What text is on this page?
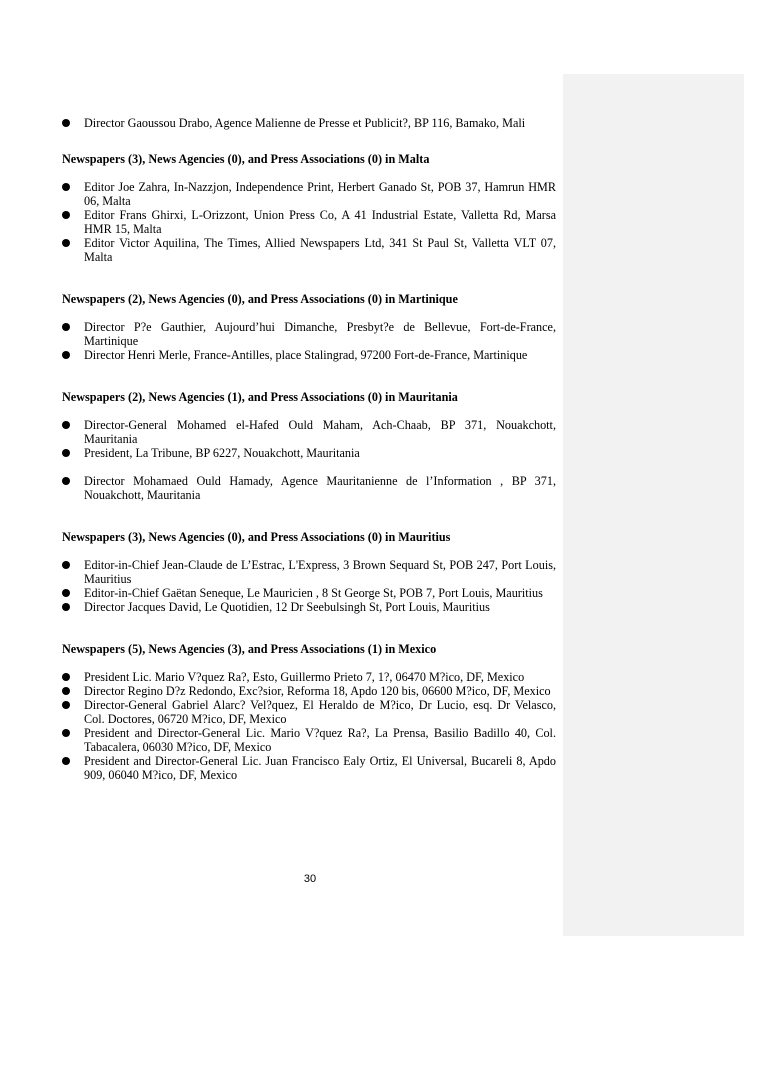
Director Gaoussou Drabo, Agence Malienne de Presse et Publicit?, BP 116, Bamako, Mali

Newspapers (3), News Agencies (0), and Press Associations (0) in Malta

Editor Joe Zahra, In-Nazzjon, Independence Print, Herbert Ganado St, POB 37, Hamrun HMR 06, Malta
Editor Frans Ghirxi, L-Orizzont, Union Press Co, A 41 Industrial Estate, Valletta Rd, Marsa HMR 15, Malta
Editor Victor Aquilina, The Times, Allied Newspapers Ltd, 341 St Paul St, Valletta VLT 07, Malta

Newspapers (2), News Agencies (0), and Press Associations (0) in Martinique

Director P?e Gauthier, Aujourd’hui Dimanche, Presbyt?e de Bellevue, Fort-de-France, Martinique
Director Henri Merle, France-Antilles, place Stalingrad, 97200 Fort-de-France, Martinique

Newspapers (2), News Agencies (1), and Press Associations (0) in Mauritania

Director-General Mohamed el-Hafed Ould Maham, Ach-Chaab, BP 371, Nouakchott, Mauritania
President, La Tribune, BP 6227, Nouakchott, Mauritania
Director Mohamaed Ould Hamady, Agence Mauritanienne de l’Information , BP 371, Nouakchott, Mauritania

Newspapers (3), News Agencies (0), and Press Associations (0) in Mauritius

Editor-in-Chief Jean-Claude de L’Estrac, L'Express, 3 Brown Sequard St, POB 247, Port Louis, Mauritius
Editor-in-Chief Gaëtan Seneque, Le Mauricien , 8 St George St, POB 7, Port Louis, Mauritius
Director Jacques David, Le Quotidien, 12 Dr Seebulsingh St, Port Louis, Mauritius

Newspapers (5), News Agencies (3), and Press Associations (1) in Mexico

President Lic. Mario V?quez Ra?, Esto, Guillermo Prieto 7, 1?, 06470 M?ico, DF, Mexico
Director Regino D?z Redondo, Exc?sior, Reforma 18, Apdo 120 bis, 06600 M?ico, DF, Mexico
Director-General Gabriel Alarc? Vel?quez, El Heraldo de M?ico, Dr Lucio, esq. Dr Velasco, Col. Doctores, 06720 M?ico, DF, Mexico
President and Director-General Lic. Mario V?quez Ra?, La Prensa, Basilio Badillo 40, Col. Tabacalera, 06030 M?ico, DF, Mexico
President and Director-General Lic. Juan Francisco Ealy Ortiz, El Universal, Bucareli 8, Apdo 909, 06040 M?ico, DF, Mexico
30
